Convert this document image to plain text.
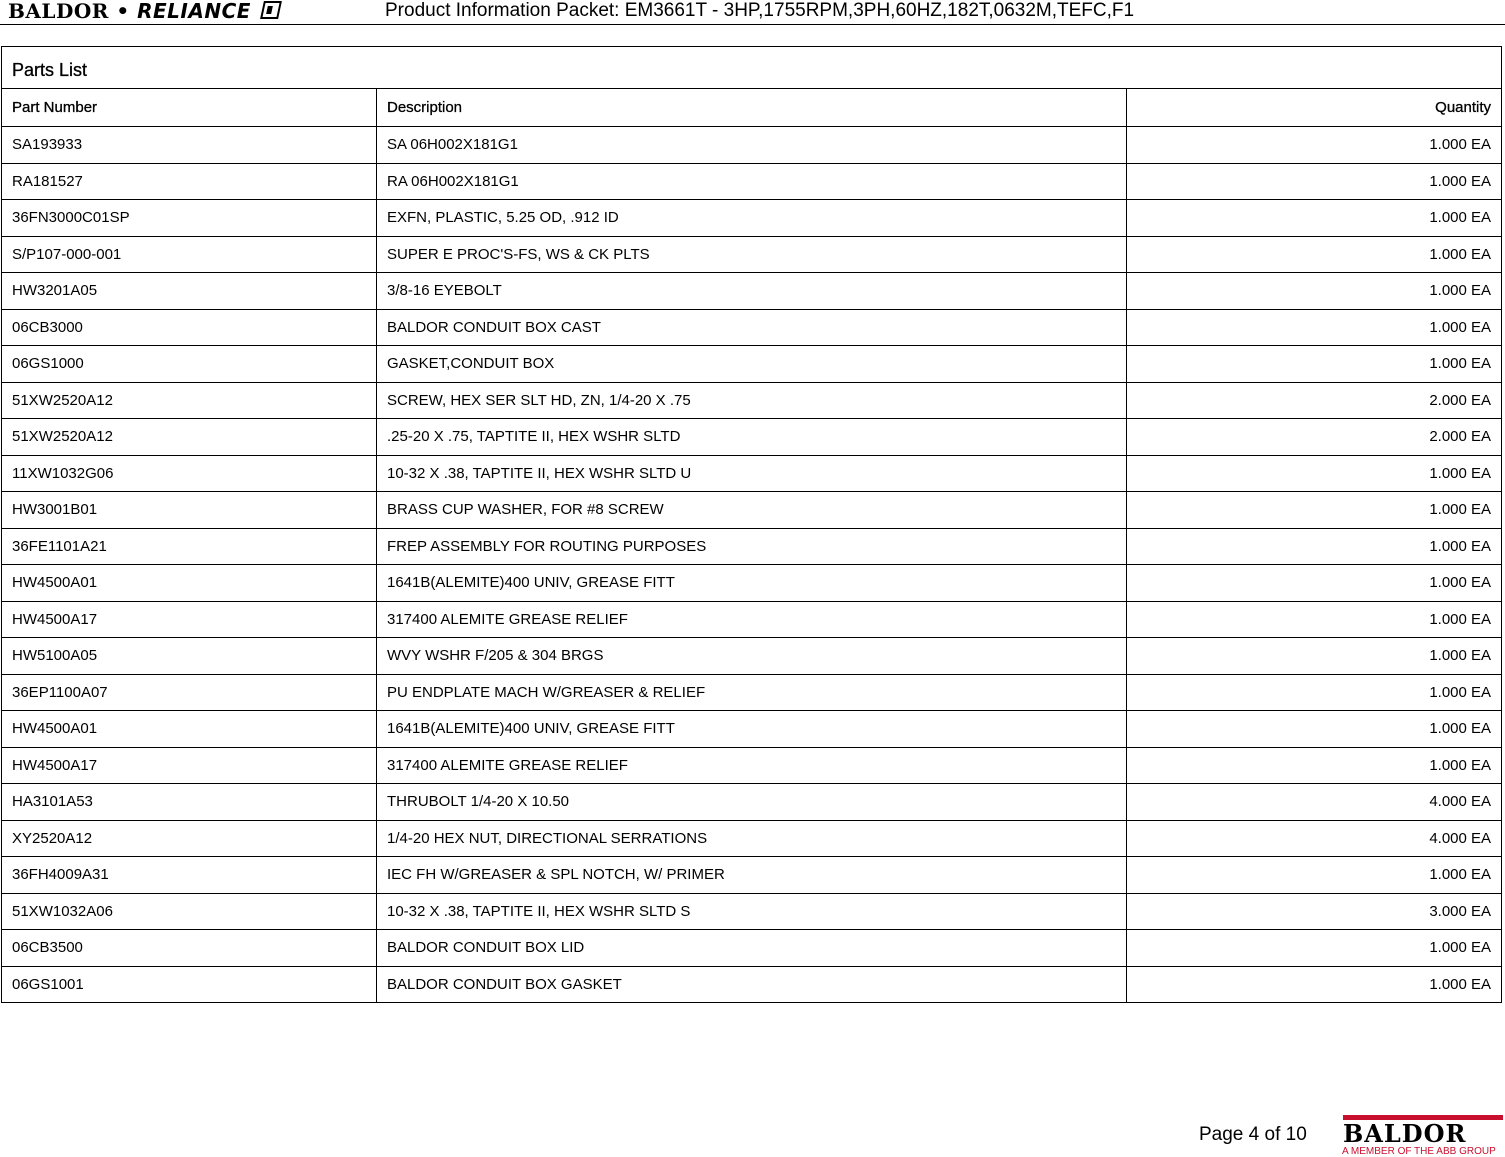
BALDOR • RELIANCE	Product Information Packet: EM3661T - 3HP,1755RPM,3PH,60HZ,182T,0632M,TEFC,F1
Parts List		
Part Number	Description	Quantity
SA193933	SA 06H002X181G1	1.000 EA
RA181527	RA 06H002X181G1	1.000 EA
36FN3000C01SP	EXFN, PLASTIC, 5.25 OD, .912 ID	1.000 EA
S/P107-000-001	SUPER E PROC'S-FS, WS & CK PLTS	1.000 EA
HW3201A05	3/8-16 EYEBOLT	1.000 EA
06CB3000	BALDOR CONDUIT BOX CAST	1.000 EA
06GS1000	GASKET,CONDUIT BOX	1.000 EA
51XW2520A12	SCREW, HEX SER SLT HD, ZN, 1/4-20 X .75	2.000 EA
51XW2520A12	.25-20 X .75, TAPTITE II, HEX WSHR SLTD	2.000 EA
11XW1032G06	10-32 X .38, TAPTITE II, HEX WSHR SLTD U	1.000 EA
HW3001B01	BRASS CUP WASHER, FOR #8 SCREW	1.000 EA
36FE1101A21	FREP ASSEMBLY FOR ROUTING PURPOSES	1.000 EA
HW4500A01	1641B(ALEMITE)400 UNIV, GREASE FITT	1.000 EA
HW4500A17	317400 ALEMITE GREASE RELIEF	1.000 EA
HW5100A05	WVY WSHR F/205 & 304 BRGS	1.000 EA
36EP1100A07	PU ENDPLATE MACH W/GREASER & RELIEF	1.000 EA
HW4500A01	1641B(ALEMITE)400 UNIV, GREASE FITT	1.000 EA
HW4500A17	317400 ALEMITE GREASE RELIEF	1.000 EA
HA3101A53	THRUBOLT 1/4-20 X 10.50	4.000 EA
XY2520A12	1/4-20 HEX NUT, DIRECTIONAL SERRATIONS	4.000 EA
36FH4009A31	IEC FH W/GREASER & SPL NOTCH, W/ PRIMER	1.000 EA
51XW1032A06	10-32 X .38, TAPTITE II, HEX WSHR SLTD S	3.000 EA
06CB3500	BALDOR CONDUIT BOX LID	1.000 EA
06GS1001	BALDOR CONDUIT BOX GASKET	1.000 EA
Page 4 of 10 BALDOR
A MEMBER OF THE ABB GROUP
